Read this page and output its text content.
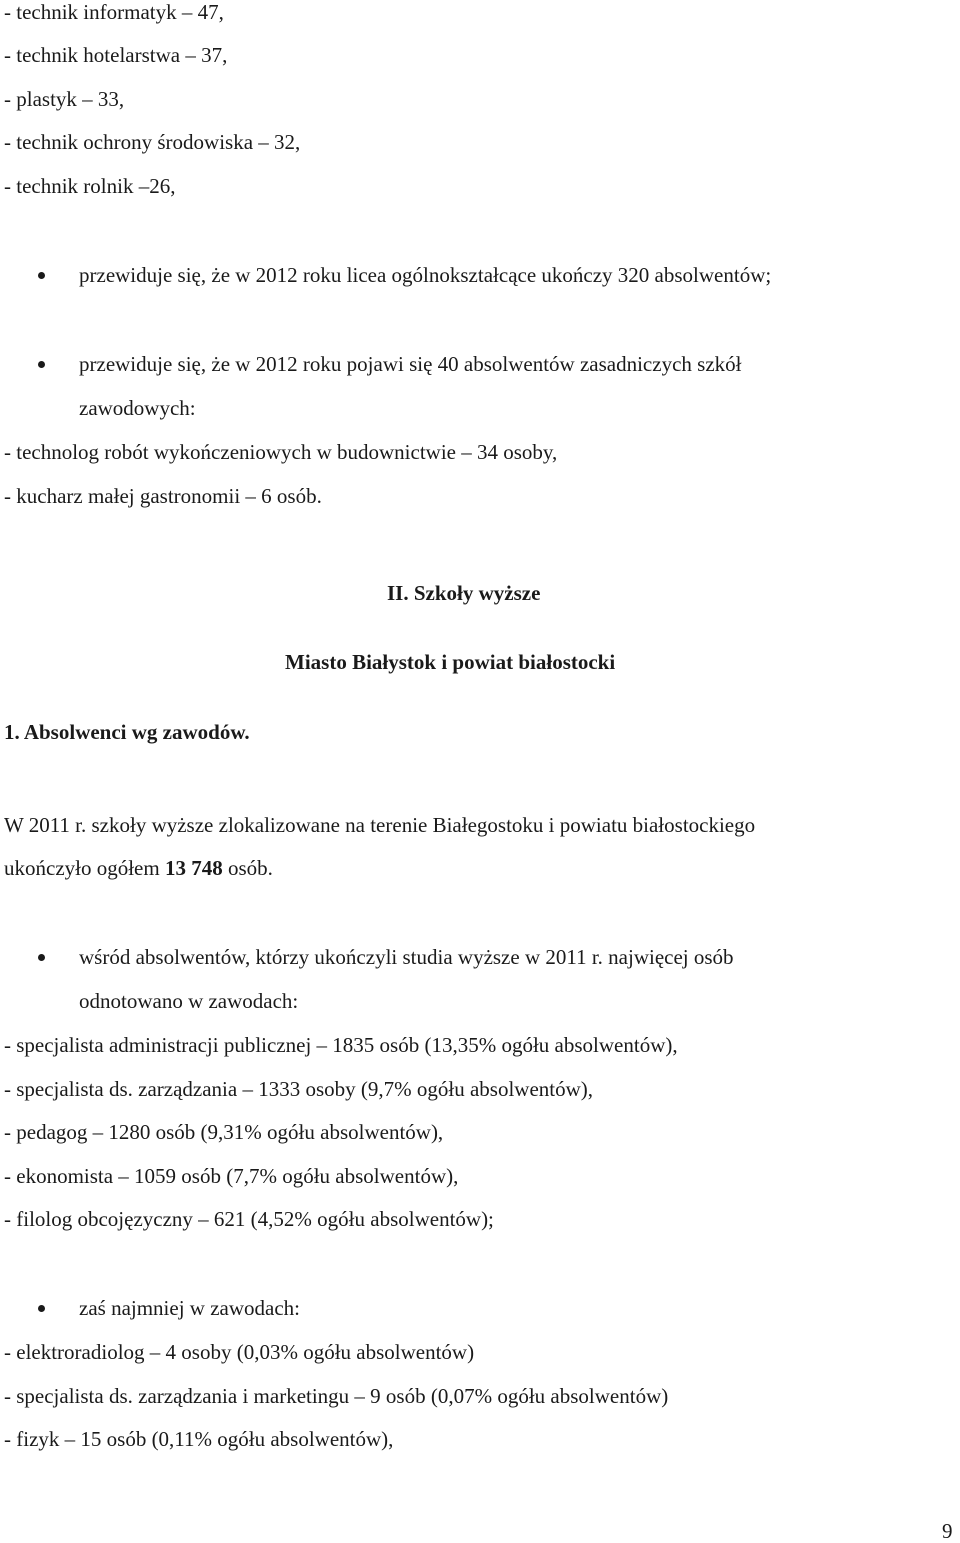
- technik informatyk – 47,
- technik hotelarstwa – 37,
- plastyk – 33,
- technik ochrony środowiska – 32,
- technik rolnik –26,
przewiduje się, że w 2012 roku licea ogólnokształcące ukończy 320 absolwentów;
przewiduje się, że w 2012 roku pojawi się 40 absolwentów zasadniczych szkół
zawodowych:
- technolog robót wykończeniowych w budownictwie – 34 osoby,
- kucharz małej gastronomii – 6 osób.
II. Szkoły wyższe
Miasto Białystok i powiat białostocki
1. Absolwenci wg zawodów.
W 2011 r. szkoły wyższe zlokalizowane na terenie Białegostoku i powiatu białostockiego
ukończyło ogółem 13 748 osób.
wśród absolwentów, którzy ukończyli studia wyższe w 2011 r. najwięcej osób
odnotowano w zawodach:
- specjalista administracji publicznej – 1835 osób (13,35% ogółu absolwentów),
- specjalista ds. zarządzania – 1333 osoby (9,7% ogółu absolwentów),
- pedagog – 1280 osób (9,31% ogółu absolwentów),
- ekonomista – 1059 osób (7,7% ogółu absolwentów),
- filolog obcojęzyczny – 621 (4,52% ogółu absolwentów);
zaś najmniej w zawodach:
- elektroradiolog – 4 osoby (0,03% ogółu absolwentów)
- specjalista ds. zarządzania i marketingu – 9 osób (0,07% ogółu absolwentów)
- fizyk – 15 osób (0,11% ogółu absolwentów),
9
